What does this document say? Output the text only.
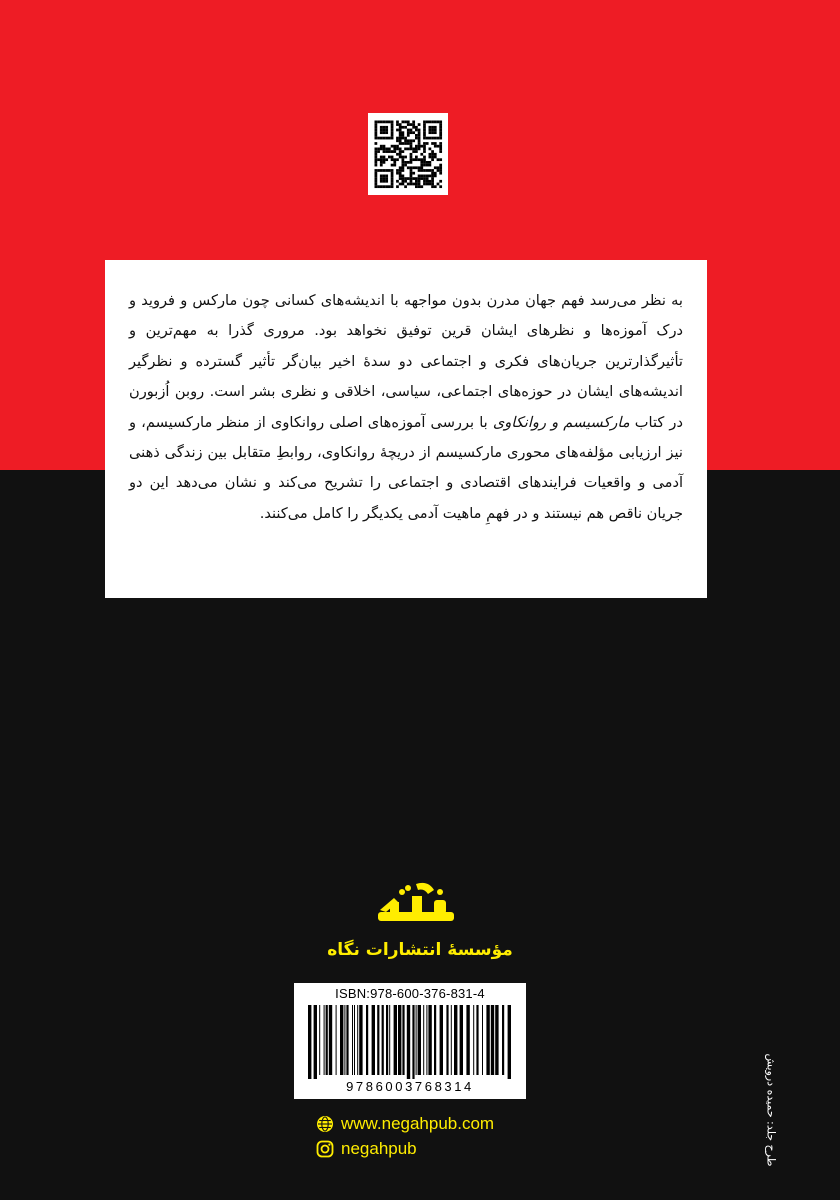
به نظر می‌رسد فهم جهان مدرن بدون مواجهه با اندیشه‌های کسانی چون مارکس و فروید و درک آموزه‌ها و نظرهای ایشان قرین توفیق نخواهد بود. مروری گذرا به مهم‌ترین و تأثیرگذارترین جریان‌های فکری و اجتماعی دو سدهٔ اخیر بیان‌گر تأثیر گسترده و نظرگیر اندیشه‌های ایشان در حوزه‌های اجتماعی، سیاسی، اخلاقی و نظری بشر است. روبن اُزبورن در کتاب مارکسیسم و روانکاوی با بررسی آموزه‌های اصلی روانکاوی از منظر مارکسیسم، و نیز ارزیابی مؤلفه‌های محوری مارکسیسم از دریچهٔ روانکاوی، روابطِ متقابل بین زندگی ذهنی آدمی و واقعیات فرایندهای اقتصادی و اجتماعی را تشریح می‌کند و نشان می‌دهد این دو جریان ناقص هم نیستند و در فهمِ ماهیت آدمی یکدیگر را کامل می‌کنند.

مؤسسهٔ انتشارات نگاه
ISBN:978-600-376-831-4
9786003768314
www.negahpub.com
negahpub	طرح جلد: حمیده درویش
